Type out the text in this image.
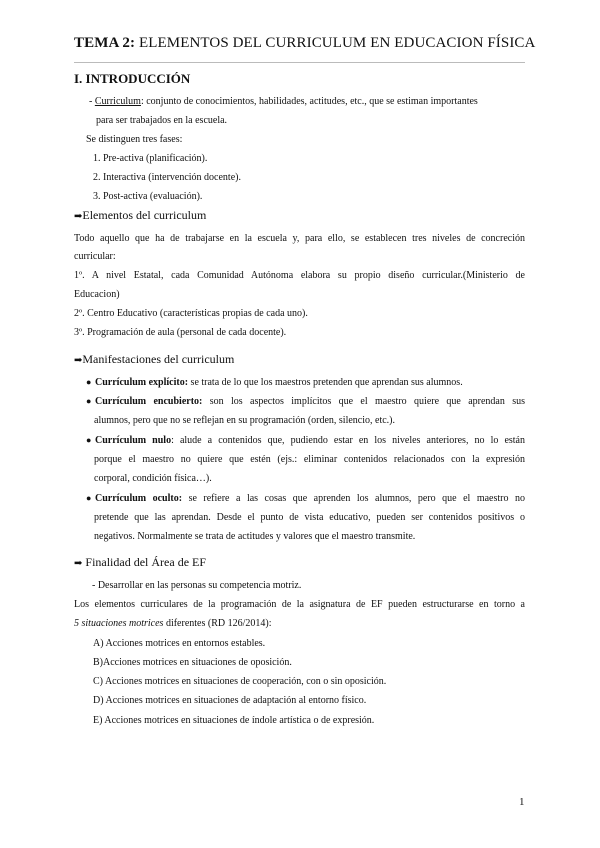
TEMA 2: ELEMENTOS DEL CURRICULUM EN EDUCACION FÍSICA
I. INTRODUCCIÓN
- Curriculum: conjunto de conocimientos, habilidades, actitudes, etc., que se estiman importantes
para ser trabajados en la escuela.
Se distinguen tres fases:
1. Pre-activa (planificación).
2. Interactiva (intervención docente).
3. Post-activa (evaluación).
➡Elementos del curriculum
Todo aquello que ha de trabajarse en la escuela y, para ello, se establecen tres niveles de concreción
curricular:
1º. A nivel Estatal, cada Comunidad Autónoma elabora su propio diseño curricular.(Ministerio de
Educacion)
2º. Centro Educativo (características propias de cada uno).
3º. Programación de aula (personal de cada docente).
➡Manifestaciones del curriculum
● Currículum explícito: se trata de lo que los maestros pretenden que aprendan sus alumnos.
● Currículum encubierto: son los aspectos implícitos que el maestro quiere que aprendan sus
alumnos, pero que no se reflejan en su programación (orden, silencio, etc.).
● Currículum nulo: alude a contenidos que, pudiendo estar en los niveles anteriores, no lo están
porque el maestro no quiere que estén (ejs.: eliminar contenidos relacionados con la expresión
corporal, condición física…).
● Currículum oculto: se refiere a las cosas que aprenden los alumnos, pero que el maestro no
pretende que las aprendan. Desde el punto de vista educativo, pueden ser contenidos positivos o
negativos. Normalmente se trata de actitudes y valores que el maestro transmite.
➡ Finalidad del Área de EF
- Desarrollar en las personas su competencia motriz.
Los elementos curriculares de la programación de la asignatura de EF pueden estructurarse en torno a
5 situaciones motrices diferentes (RD 126/2014):
A) Acciones motrices en entornos estables.
B)Acciones motrices en situaciones de oposición.
C) Acciones motrices en situaciones de cooperación, con o sin oposición.
D) Acciones motrices en situaciones de adaptación al entorno físico.
E) Acciones motrices en situaciones de índole artística o de expresión.
1
